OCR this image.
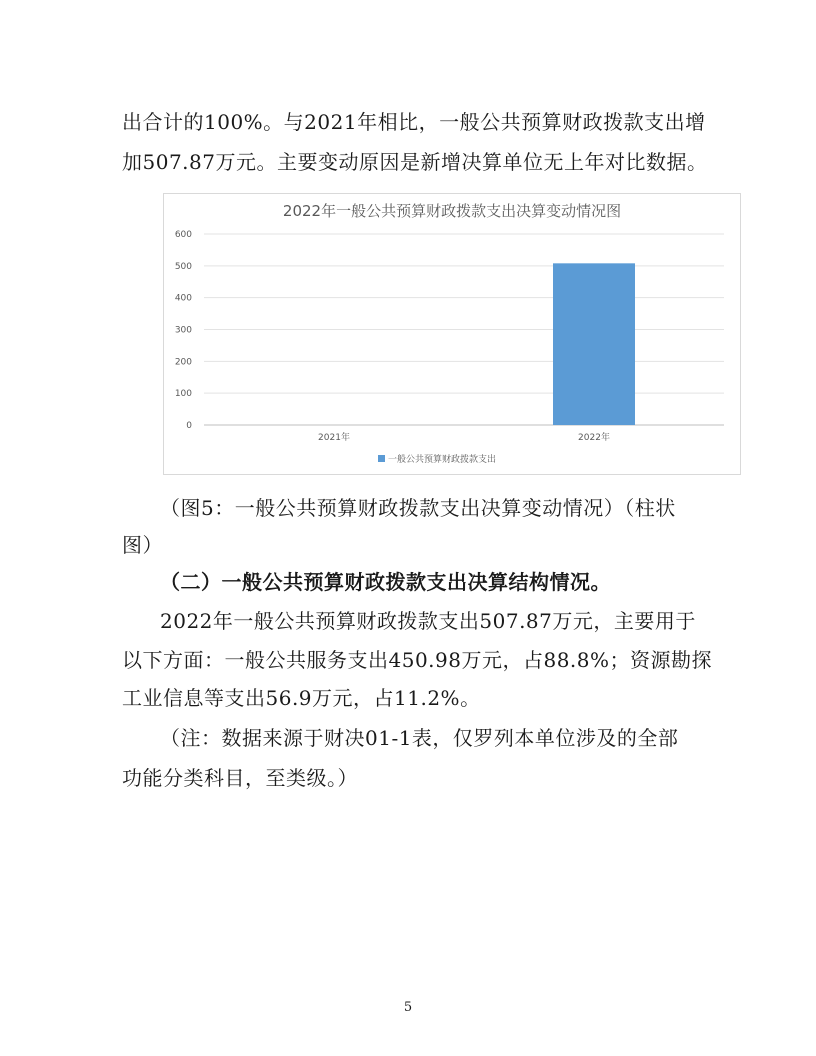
出合计的100%。与2021年相比，一般公共预算财政拨款支出增
加507.87万元。主要变动原因是新增决算单位无上年对比数据。
2022年一般公共预算财政拨款支出决算变动情况图
0
100
200
300
400
500
600
2021年	2022年
一般公共预算财政拨款支出
（图5：一般公共预算财政拨款支出决算变动情况）（柱状
图）
（二）一般公共预算财政拨款支出决算结构情况。
2022年一般公共预算财政拨款支出507.87万元，主要用于
以下方面：一般公共服务支出450.98万元，占88.8%；资源勘探
工业信息等支出56.9万元，占11.2%。
（注：数据来源于财决01-1表，仅罗列本单位涉及的全部
功能分类科目，至类级。）
5
